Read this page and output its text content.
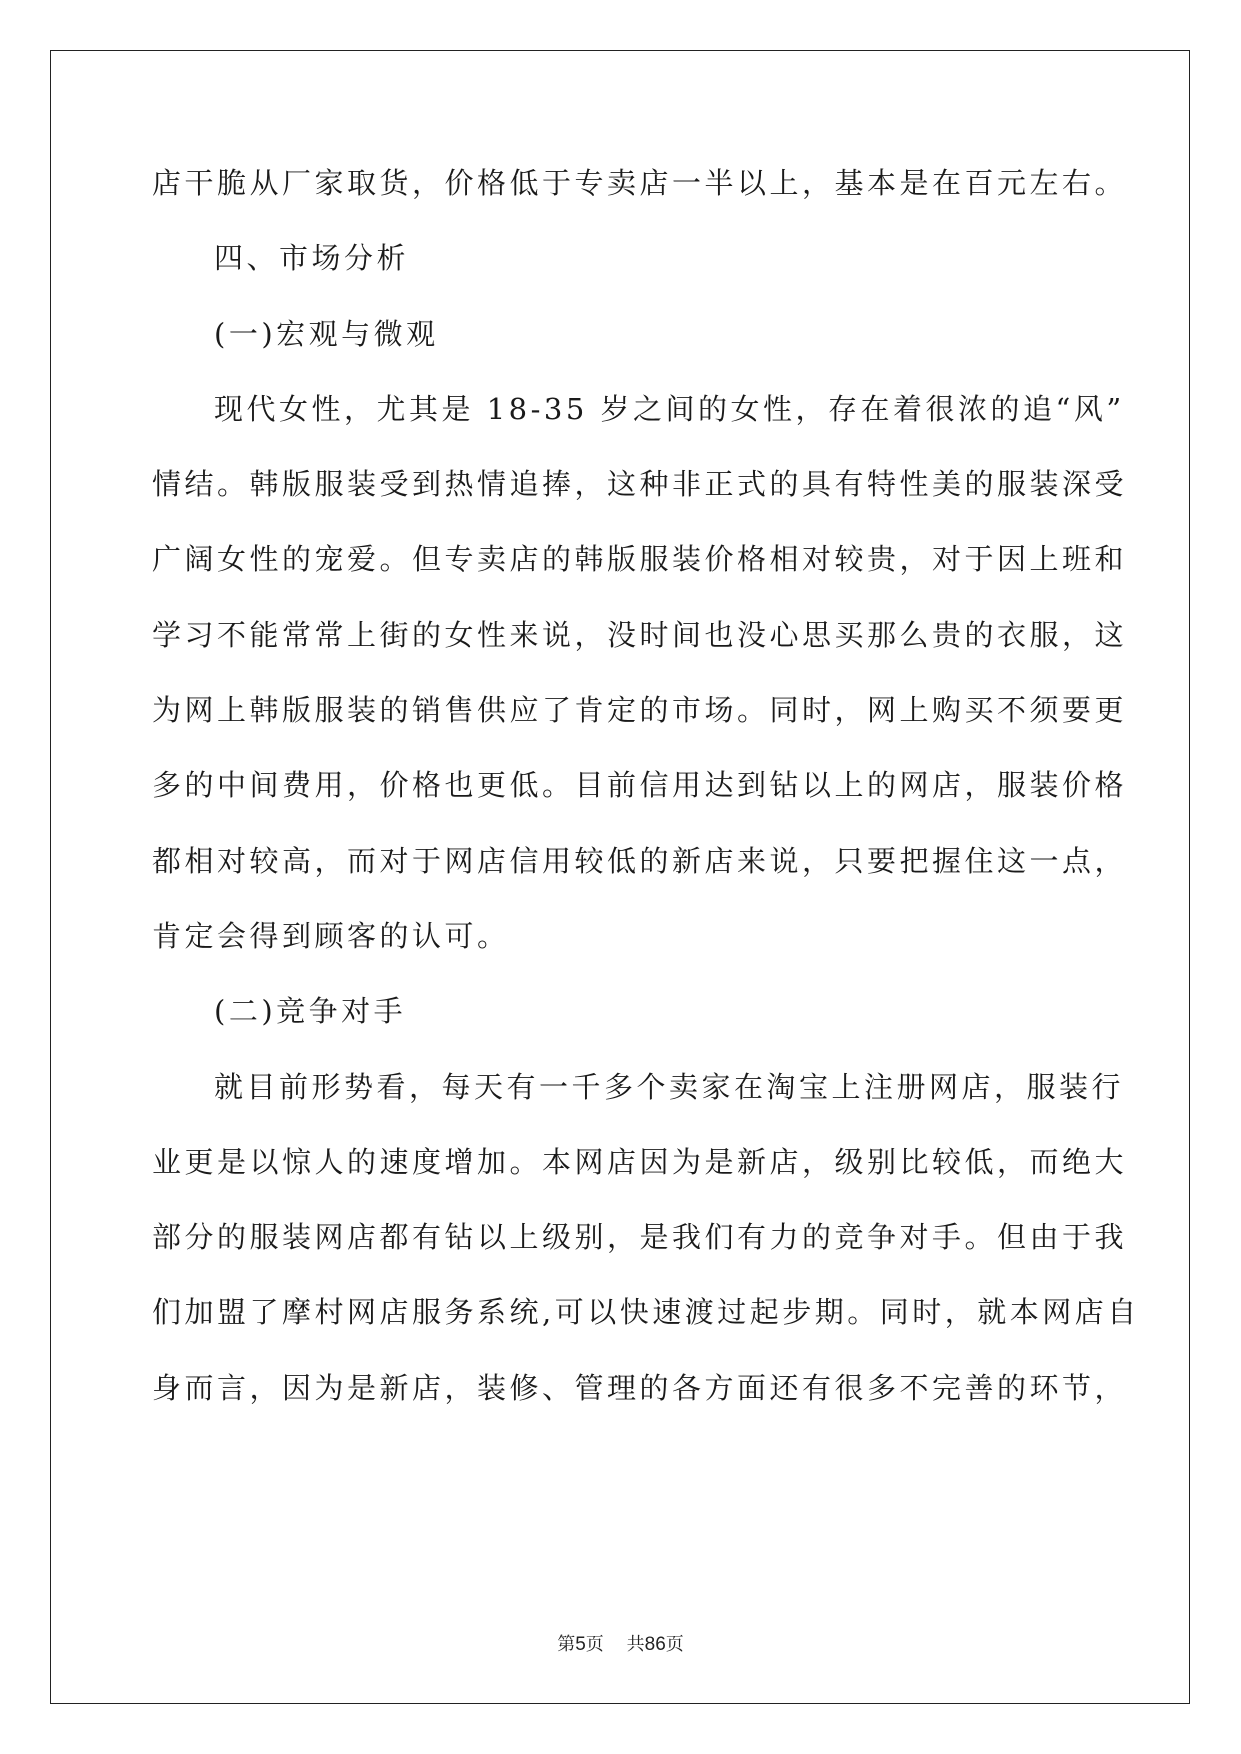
店干脆从厂家取货，价格低于专卖店一半以上，基本是在百元左右。
四、市场分析
(一)宏观与微观
现代女性，尤其是 18-35 岁之间的女性，存在着很浓的追“风”
情结。韩版服装受到热情追捧，这种非正式的具有特性美的服装深受
广阔女性的宠爱。但专卖店的韩版服装价格相对较贵，对于因上班和
学习不能常常上街的女性来说，没时间也没心思买那么贵的衣服，这
为网上韩版服装的销售供应了肯定的市场。同时，网上购买不须要更
多的中间费用，价格也更低。目前信用达到钻以上的网店，服装价格
都相对较高，而对于网店信用较低的新店来说，只要把握住这一点，
肯定会得到顾客的认可。
(二)竞争对手
就目前形势看，每天有一千多个卖家在淘宝上注册网店，服装行
业更是以惊人的速度增加。本网店因为是新店，级别比较低，而绝大
部分的服装网店都有钻以上级别，是我们有力的竞争对手。但由于我
们加盟了摩村网店服务系统,可以快速渡过起步期。同时，就本网店自
身而言，因为是新店，装修、管理的各方面还有很多不完善的环节，
第5页 共86页
